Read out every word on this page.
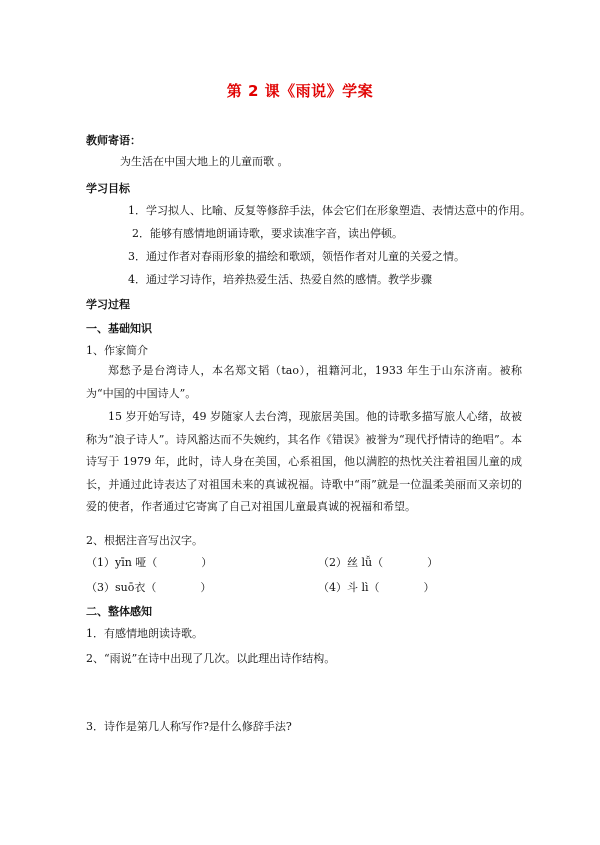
第 2 课《雨说》学案
教师寄语：
为生活在中国大地上的儿童而歌 。
学习目标
1．学习拟人、比喻、反复等修辞手法，体会它们在形象塑造、表情达意中的作用。
2．能够有感情地朗诵诗歌，要求读准字音，读出停顿。
3．通过作者对春雨形象的描绘和歌颂，领悟作者对儿童的关爱之情。
4．通过学习诗作，培养热爱生活、热爱自然的感情。教学步骤
学习过程
一、基础知识
1、作家简介
郑愁予是台湾诗人，本名郑文韬（tao），祖籍河北，1933 年生于山东济南。被称为“中国的中国诗人”。
15 岁开始写诗，49 岁随家人去台湾，现旅居美国。他的诗歌多描写旅人心绪，故被称为“浪子诗人”。诗风豁达而不失婉约，其名作《错误》被誉为“现代抒情诗的绝唱”。本诗写于 1979 年，此时，诗人身在美国，心系祖国，他以满腔的热忱关注着祖国儿童的成长，并通过此诗表达了对祖国未来的真诚祝福。诗歌中“雨”就是一位温柔美丽而又亲切的爱的使者，作者通过它寄寓了自己对祖国儿童最真诚的祝福和希望。
2、根据注音写出汉字。
（1）yīn 哑（　　　　）	（2）丝 lǚ（　　　　）
（3）suō衣（　　　　）	（4）斗 lì（　　　　）
二、整体感知
1．有感情地朗读诗歌。
2、“雨说”在诗中出现了几次。以此理出诗作结构。
3．诗作是第几人称写作?是什么修辞手法?
